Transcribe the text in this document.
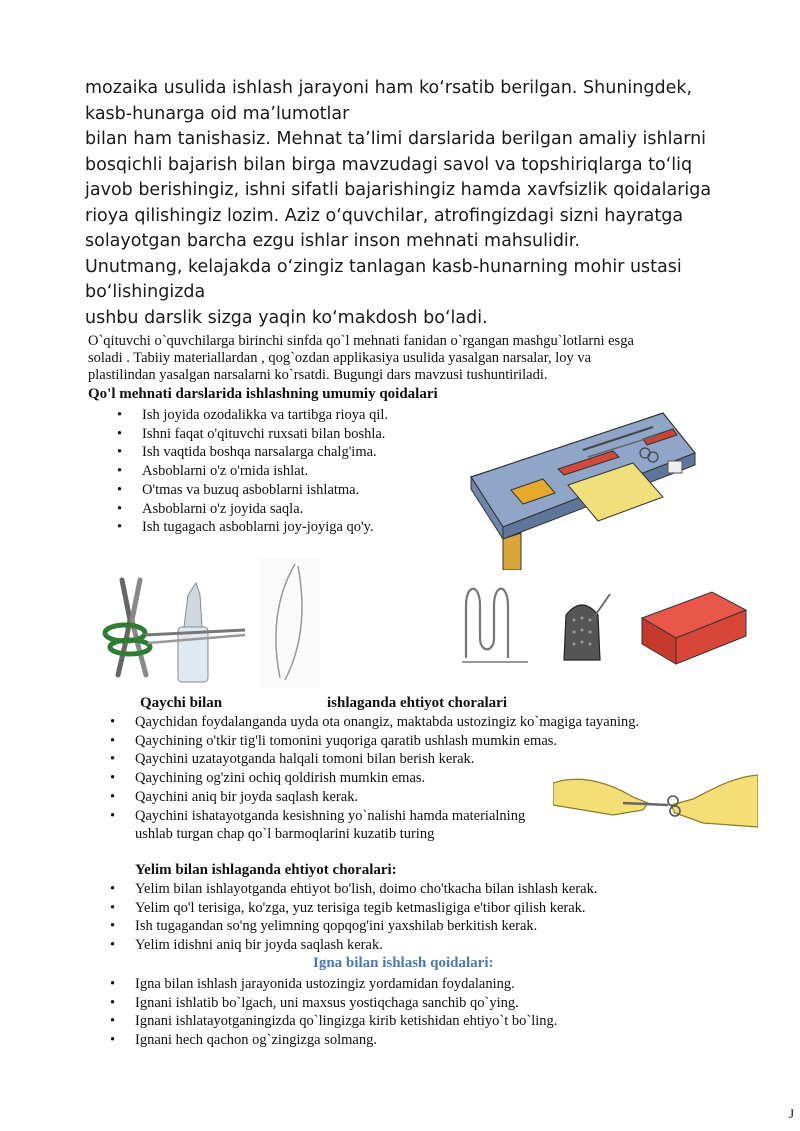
mozaika usulida ishlash jarayoni ham ko‘rsatib berilgan. Shuningdek,

kasb-hunarga oid ma’lumotlar

bilan ham tanishasiz. Mehnat ta’limi darslarida berilgan amaliy ishlarni

bosqichli bajarish bilan birga mavzudagi savol va topshiriqlarga to‘liq

javob berishingiz, ishni sifatli bajarishingiz hamda xavfsizlik qoidalariga

rioya qilishingiz lozim. Aziz o‘quvchilar, atrofingizdagi sizni hayratga

solayotgan barcha ezgu ishlar inson mehnati mahsulidir.

Unutmang, kelajakda o‘zingiz tanlagan kasb-hunarning mohir ustasi

bo‘lishingizda

ushbu darslik sizga yaqin ko‘makdosh bo‘ladi.

O`qituvchi o`quvchilarga birinchi sinfda qo`l mehnati fanidan o`rgangan mashgu`lotlarni esga

soladi . Tabiiy materiallardan , qog`ozdan applikasiya usulida yasalgan narsalar, loy va

plastilindan yasalgan narsalarni ko`rsatdi. Bugungi dars mavzusi tushuntiriladi.

Qo'l mehnati darslarida ishlashning umumiy qoidalari
• Ish joyida ozodalikka va tartibga rioya qil.
• Ishni faqat o'qituvchi ruxsati bilan boshla.
• Ish vaqtida boshqa narsalarga chalg'ima.
• Asboblarni o'z o'rnida ishlat.
• O'tmas va buzuq asboblarni ishlatma.
• Asboblarni o'z joyida saqla.
• Ish tugagach asboblarni joy-joyiga qo'y.
Qaychi bilan	ishlaganda ehtiyot choralari
• Qaychidan foydalanganda uyda ota onangiz, maktabda ustozingiz ko`magiga tayaning.
• Qaychining o'tkir tig'li tomonini yuqoriga qaratib ushlash mumkin emas.
• Qaychini uzatayotganda halqali tomoni bilan berish kerak.
• Qaychining og'zini ochiq qoldirish mumkin emas.
• Qaychini aniq bir joyda saqlash kerak.
• Qaychini ishatayotganda kesishning yo`nalishi hamda materialning ushlab turgan chap qo`l barmoqlarini kuzatib turing
Yelim bilan ishlaganda ehtiyot choralari:
• Yelim bilan ishlayotganda ehtiyot bo'lish, doimo cho'tkacha bilan ishlash kerak.
• Yelim qo'l terisiga, ko'zga, yuz terisiga tegib ketmasligiga e'tibor qilish kerak.
• Ish tugagandan so'ng yelimning qopqog'ini yaxshilab berkitish kerak.
• Yelim idishni aniq bir joyda saqlash kerak.
Igna bilan ishlash qoidalari:
• Igna bilan ishlash jarayonida ustozingiz yordamidan foydalaning.
• Ignani ishlatib bo`lgach, uni maxsus yostiqchaga sanchib qo`ying.
• Ignani ishlatayotganingizda qo`lingizga kirib ketishidan ehtiyo`t bo`ling.
• Ignani hech qachon og`zingizga solmang.
J
